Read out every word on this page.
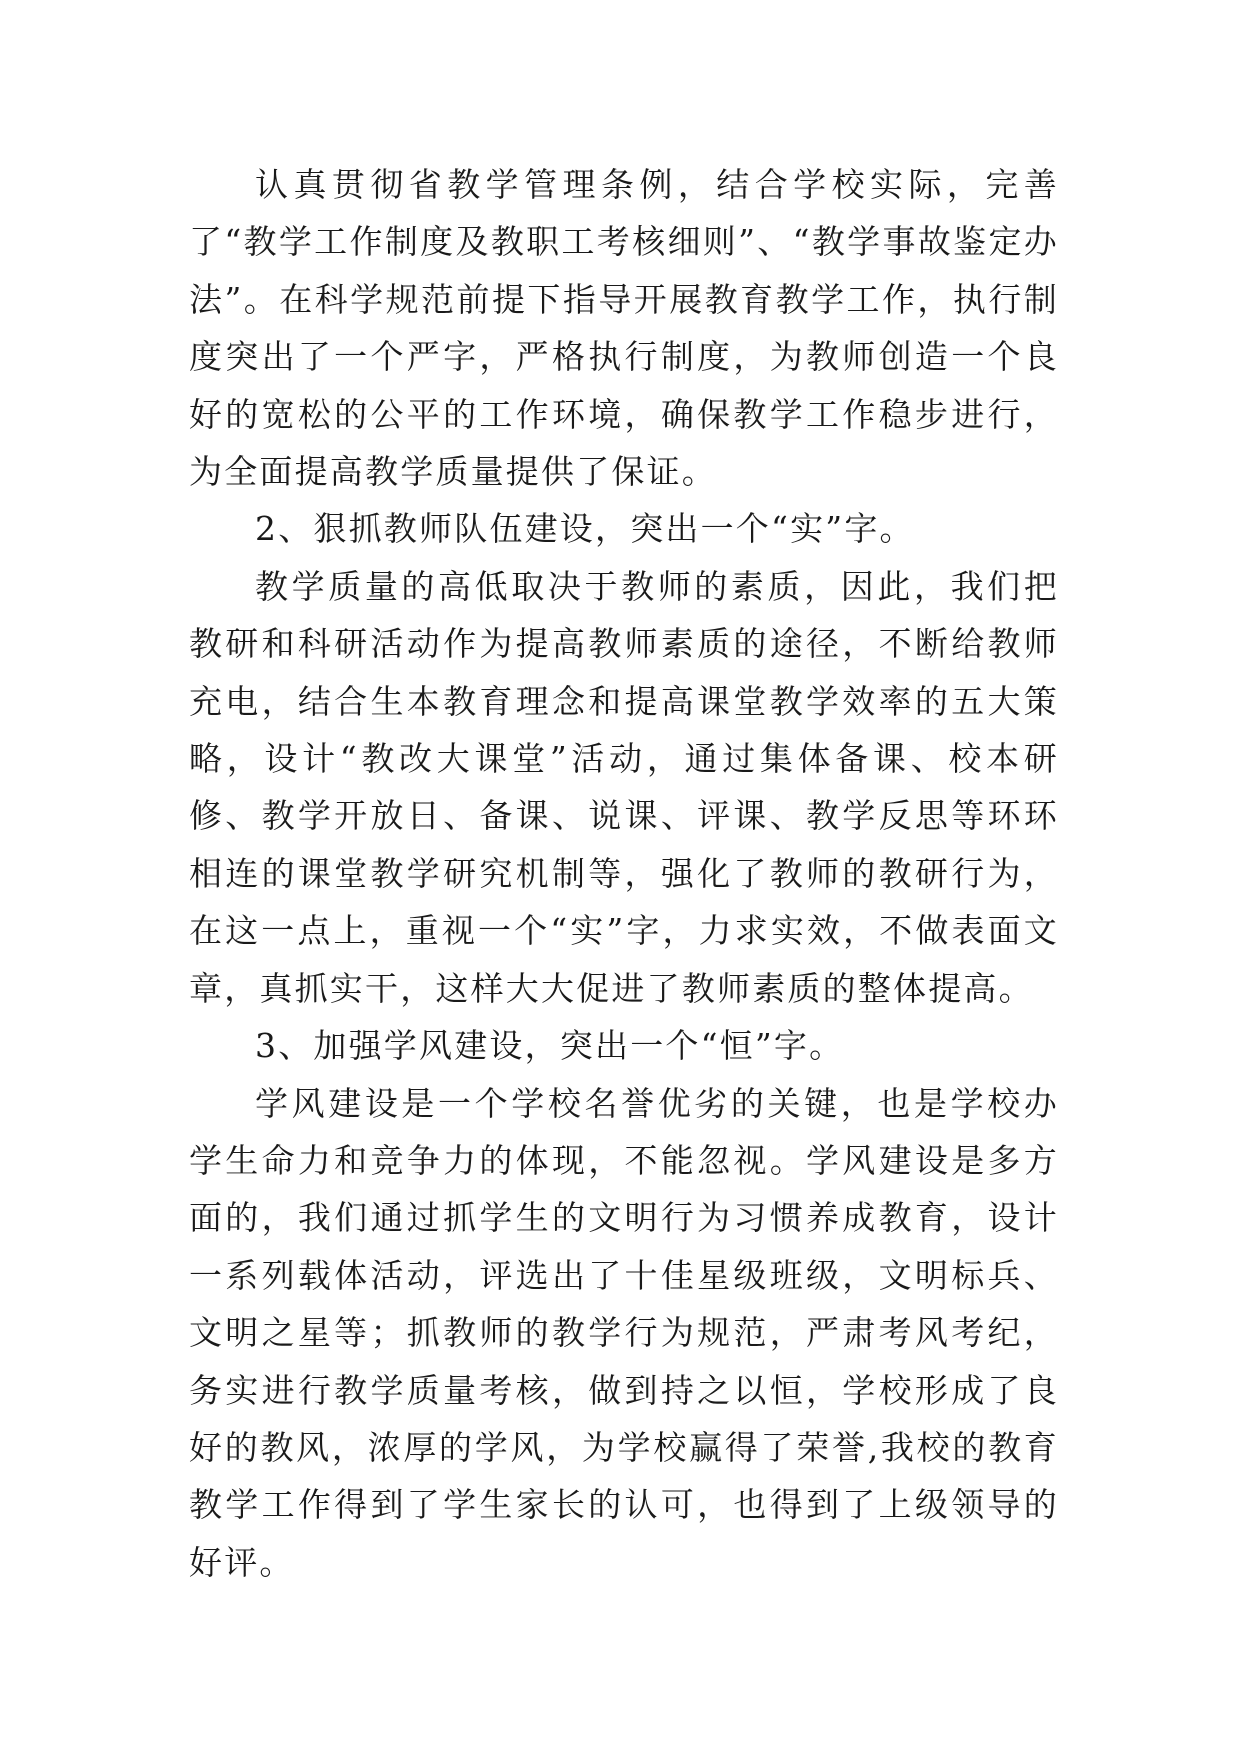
认真贯彻省教学管理条例，结合学校实际，完善了“教学工作制度及教职工考核细则”、“教学事故鉴定办法”。在科学规范前提下指导开展教育教学工作，执行制度突出了一个严字，严格执行制度，为教师创造一个良好的宽松的公平的工作环境，确保教学工作稳步进行，为全面提高教学质量提供了保证。

2、狠抓教师队伍建设，突出一个“实”字。

教学质量的高低取决于教师的素质，因此，我们把教研和科研活动作为提高教师素质的途径，不断给教师充电，结合生本教育理念和提高课堂教学效率的五大策略，设计“教改大课堂”活动，通过集体备课、校本研修、教学开放日、备课、说课、评课、教学反思等环环相连的课堂教学研究机制等，强化了教师的教研行为，在这一点上，重视一个“实”字，力求实效，不做表面文章，真抓实干，这样大大促进了教师素质的整体提高。

3、加强学风建设，突出一个“恒”字。

学风建设是一个学校名誉优劣的关键，也是学校办学生命力和竞争力的体现，不能忽视。学风建设是多方面的，我们通过抓学生的文明行为习惯养成教育，设计一系列载体活动，评选出了十佳星级班级，文明标兵、文明之星等；抓教师的教学行为规范，严肃考风考纪，务实进行教学质量考核，做到持之以恒，学校形成了良好的教风，浓厚的学风，为学校赢得了荣誉,我校的教育教学工作得到了学生家长的认可，也得到了上级领导的好评。
